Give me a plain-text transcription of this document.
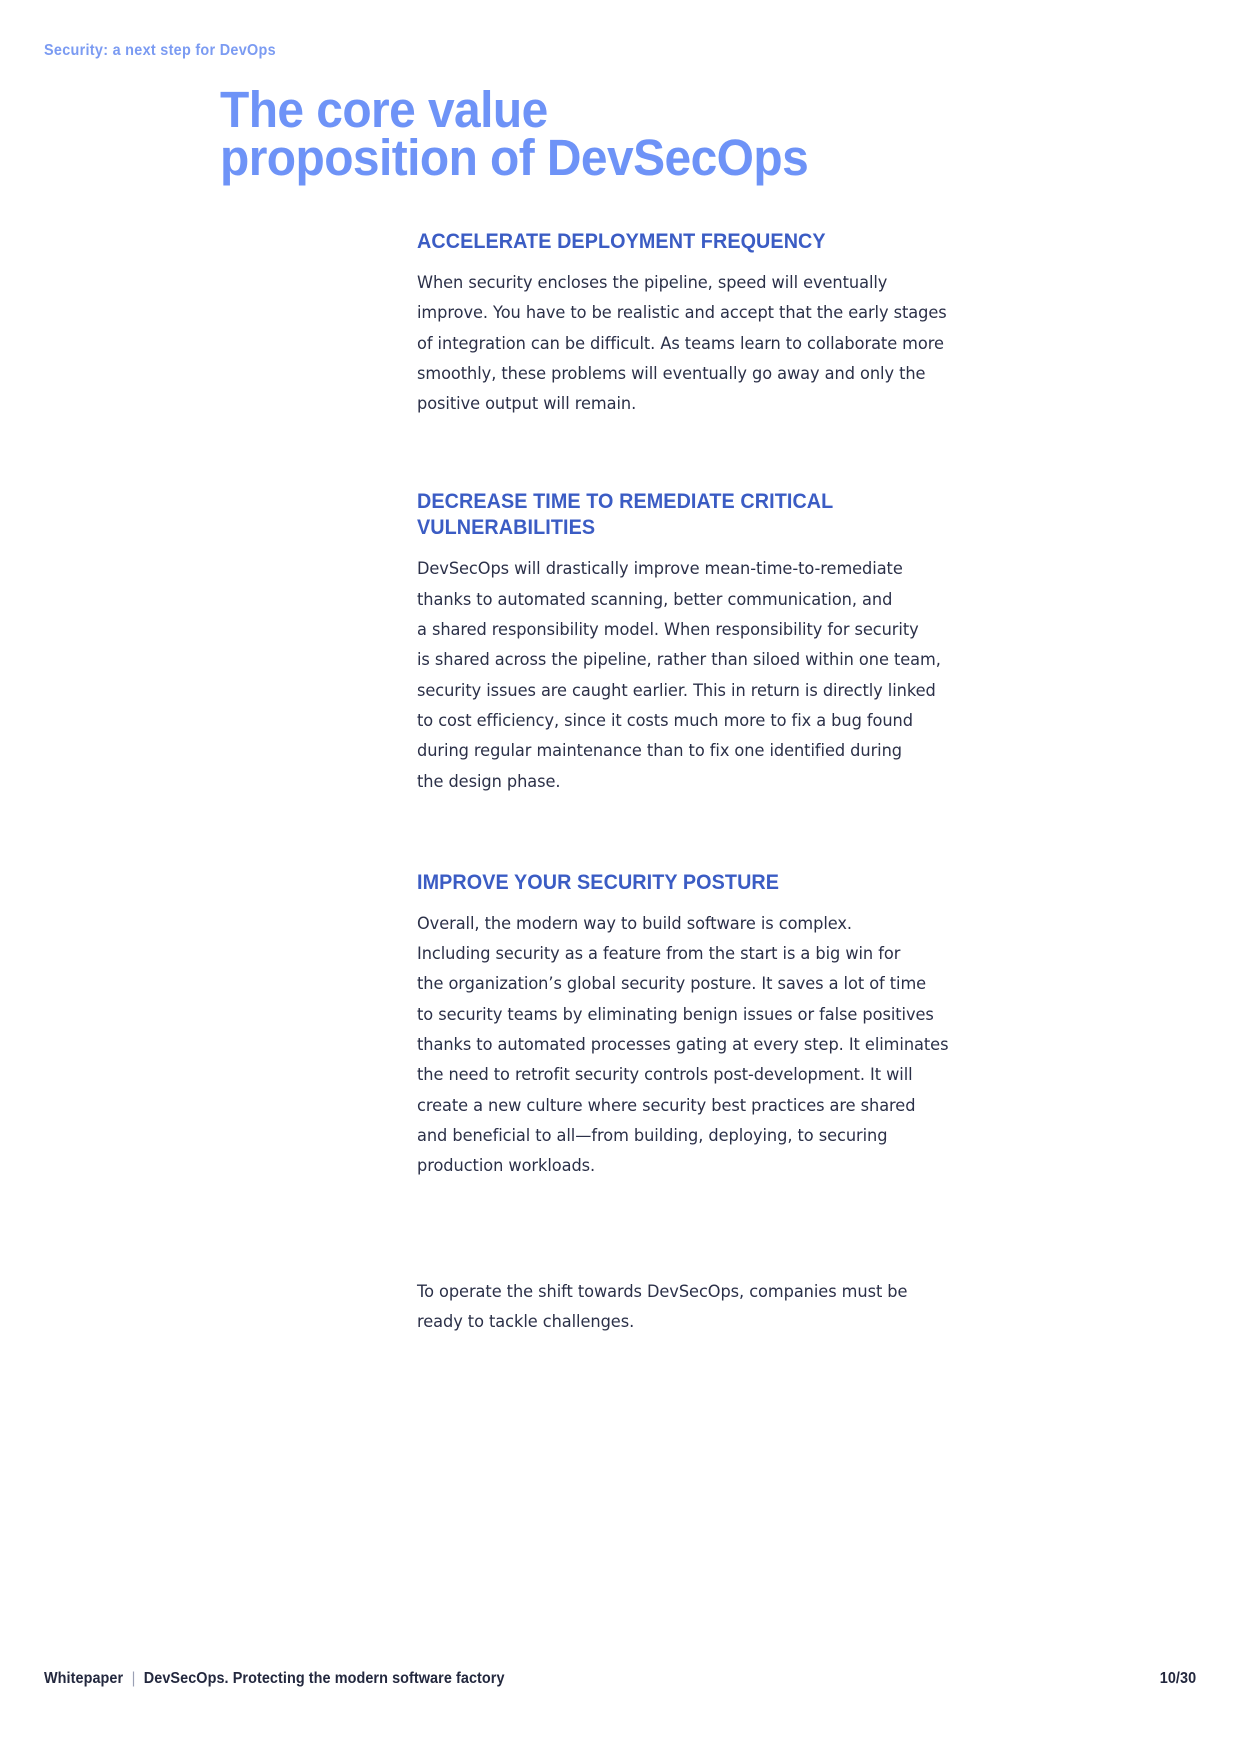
Security: a next step for DevOps
The core value
proposition of DevSecOps
ACCELERATE DEPLOYMENT FREQUENCY

When security encloses the pipeline, speed will eventually
improve. You have to be realistic and accept that the early stages
of integration can be difficult. As teams learn to collaborate more
smoothly, these problems will eventually go away and only the
positive output will remain.

DECREASE TIME TO REMEDIATE CRITICAL VULNERABILITIES

DevSecOps will drastically improve mean-time-to-remediate
thanks to automated scanning, better communication, and
a shared responsibility model. When responsibility for security
is shared across the pipeline, rather than siloed within one team,
security issues are caught earlier. This in return is directly linked
to cost efficiency, since it costs much more to fix a bug found
during regular maintenance than to fix one identified during
the design phase.

IMPROVE YOUR SECURITY POSTURE

Overall, the modern way to build software is complex.
Including security as a feature from the start is a big win for
the organization’s global security posture. It saves a lot of time
to security teams by eliminating benign issues or false positives
thanks to automated processes gating at every step. It eliminates
the need to retrofit security controls post-development. It will
create a new culture where security best practices are shared
and beneficial to all—from building, deploying, to securing
production workloads.

To operate the shift towards DevSecOps, companies must be
ready to tackle challenges.

Whitepaper | DevSecOps. Protecting the modern software factory	10/30
